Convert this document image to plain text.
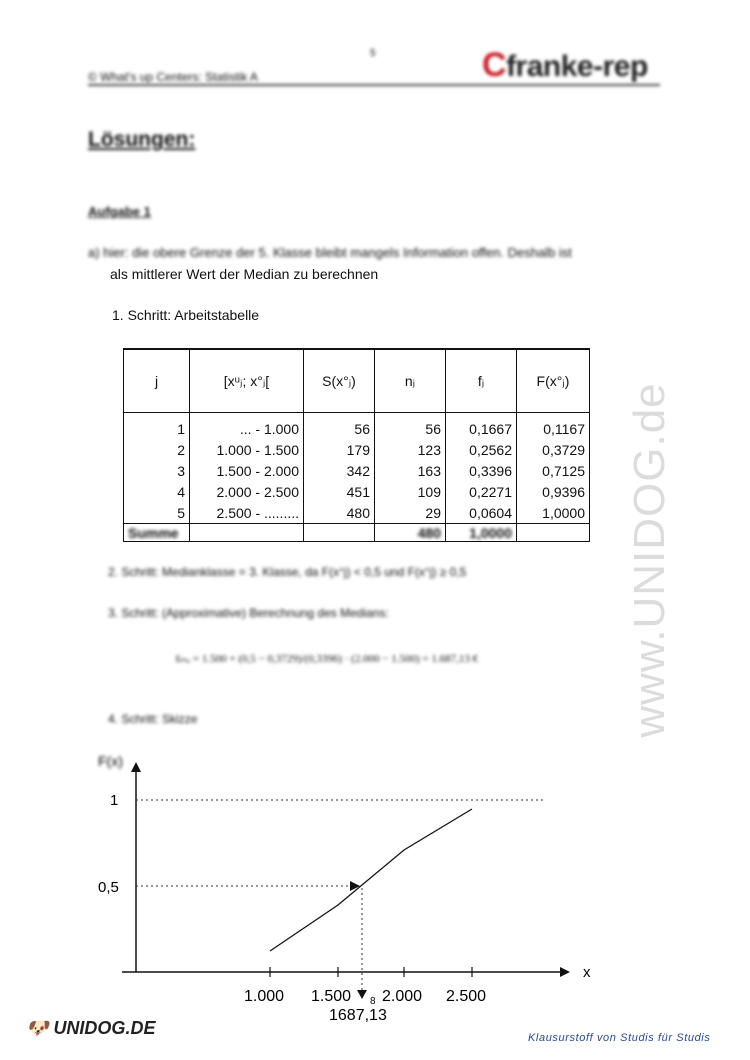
5
© What's up Centers: Statistik A	Cfranke-rep
www.UNIDOG.de
Lösungen:
Aufgabe 1
a) hier: die obere Grenze der 5. Klasse bleibt mangels Information offen. Deshalb ist
als mittlerer Wert der Median zu berechnen
1. Schritt: Arbeitstabelle
j	[xᵘⱼ; x°ⱼ[	S(x°ⱼ)	nⱼ	fⱼ	F(x°ⱼ)
1	... - 1.000	56	56	0,1667	0,1167
2	1.000 - 1.500	179	123	0,2562	0,3729
3	1.500 - 2.000	342	163	0,3396	0,7125
4	2.000 - 2.500	451	109	0,2271	0,9396
5	2.500 - .........	480	29	0,0604	1,0000
Summe			480	1,0000	
2. Schritt: Medianklasse = 3. Klasse, da F(x°j) < 0,5 und F(x°j) ≥ 0,5
3. Schritt: (Approximative) Berechnung des Medians:
x̃ₘₑ = 1.500 + (0,5 − 0,3729)/(0,3396) · (2.000 − 1.500) = 1.687,13 €
4. Schritt: Skizze
F(x)
x
1
0,5
1.000 1.500 8 2.000 2.500
1687,13
🐶 UNIDOG.DE	Klausurstoff von Studis für Studis
